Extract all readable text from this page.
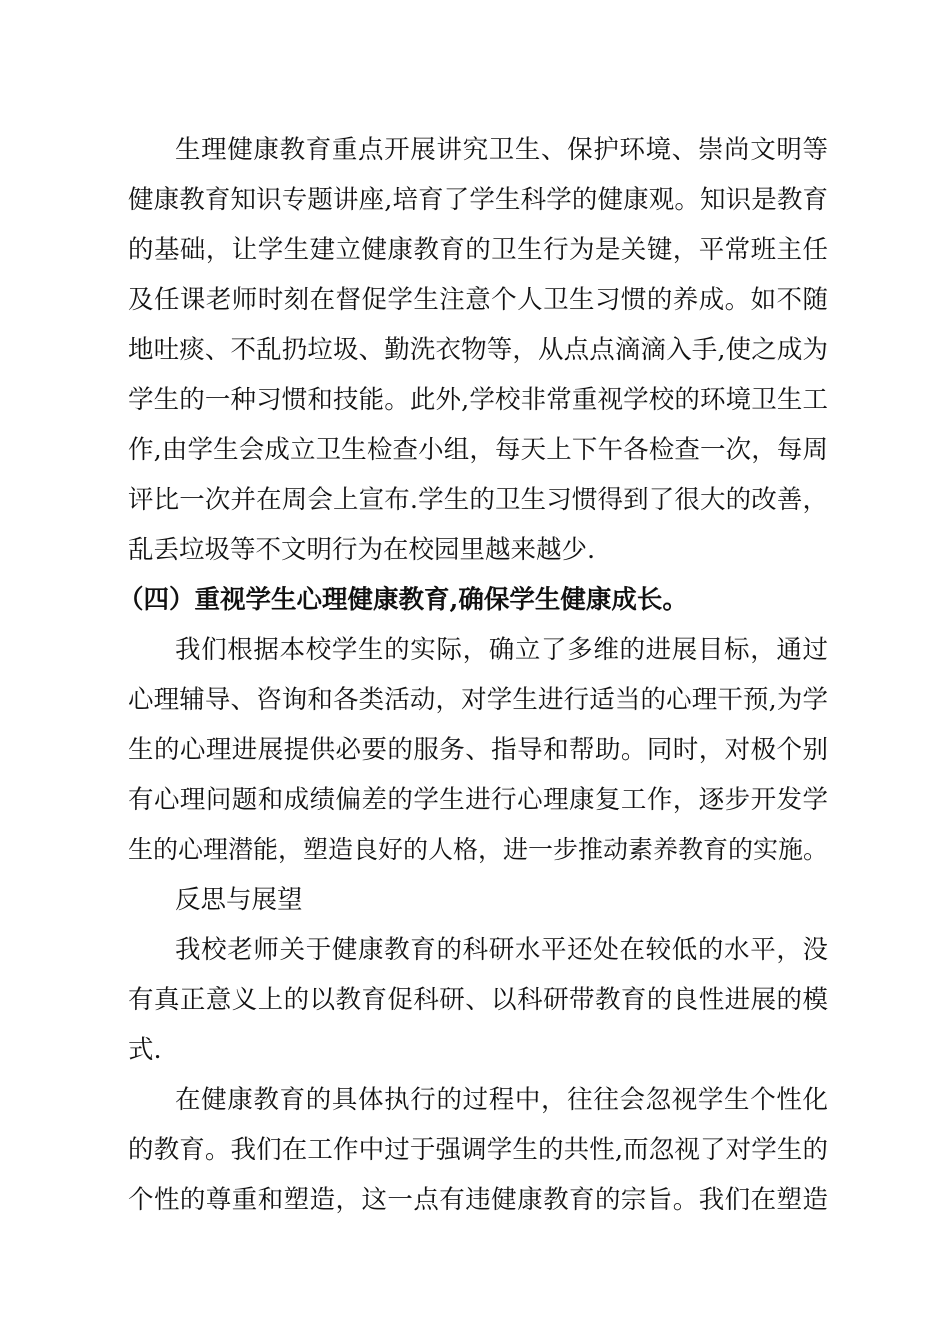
生理健康教育重点开展讲究卫生、保护环境、崇尚文明等
健康教育知识专题讲座,培育了学生科学的健康观。知识是教育
的基础，让学生建立健康教育的卫生行为是关键，平常班主任
及任课老师时刻在督促学生注意个人卫生习惯的养成。如不随
地吐痰、不乱扔垃圾、勤洗衣物等，从点点滴滴入手,使之成为
学生的一种习惯和技能。此外,学校非常重视学校的环境卫生工
作,由学生会成立卫生检查小组，每天上下午各检查一次，每周
评比一次并在周会上宣布.学生的卫生习惯得到了很大的改善，
乱丢垃圾等不文明行为在校园里越来越少.
（四）重视学生心理健康教育,确保学生健康成长。
我们根据本校学生的实际，确立了多维的进展目标，通过
心理辅导、咨询和各类活动，对学生进行适当的心理干预,为学
生的心理进展提供必要的服务、指导和帮助。同时，对极个别
有心理问题和成绩偏差的学生进行心理康复工作，逐步开发学
生的心理潜能，塑造良好的人格，进一步推动素养教育的实施。
反思与展望
我校老师关于健康教育的科研水平还处在较低的水平，没
有真正意义上的以教育促科研、以科研带教育的良性进展的模
式.
在健康教育的具体执行的过程中，往往会忽视学生个性化
的教育。我们在工作中过于强调学生的共性,而忽视了对学生的
个性的尊重和塑造，这一点有违健康教育的宗旨。我们在塑造
